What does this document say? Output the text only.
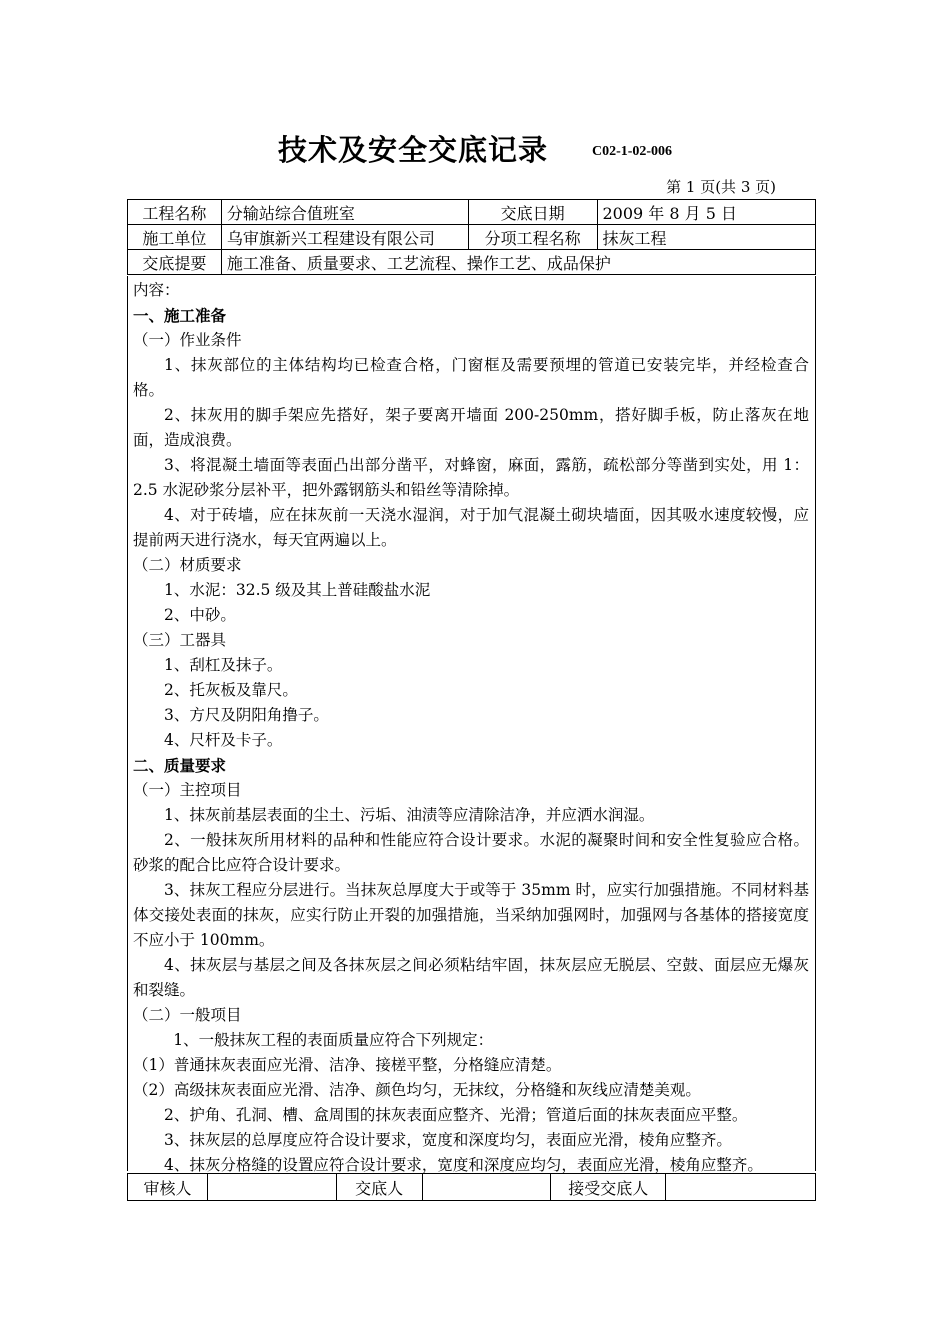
技术及安全交底记录	C02-1-02-006
第 1 页(共 3 页)
工程名称	分输站综合值班室	交底日期	2009 年 8 月 5 日
施工单位	乌审旗新兴工程建设有限公司	分项工程名称	抹灰工程
交底提要	施工准备、质量要求、工艺流程、操作工艺、成品保护		

内容：

一、施工准备

（一）作业条件

1、抹灰部位的主体结构均已检查合格，门窗框及需要预埋的管道已安装完毕，并经检查合格。

2、抹灰用的脚手架应先搭好，架子要离开墙面 200-250mm，搭好脚手板，防止落灰在地面，造成浪费。

3、将混凝土墙面等表面凸出部分凿平，对蜂窗，麻面，露筋，疏松部分等凿到实处，用 1：2.5 水泥砂浆分层补平，把外露钢筋头和铅丝等清除掉。

4、对于砖墙，应在抹灰前一天浇水湿润，对于加气混凝土砌块墙面，因其吸水速度较慢，应提前两天进行浇水，每天宜两遍以上。

（二）材质要求

1、水泥：32.5 级及其上普硅酸盐水泥

2、中砂。

（三）工器具

1、刮杠及抹子。

2、托灰板及靠尺。

3、方尺及阴阳角撸子。

4、尺杆及卡子。

二、质量要求

（一）主控项目

1、抹灰前基层表面的尘土、污垢、油渍等应清除洁净，并应洒水润湿。

2、一般抹灰所用材料的品种和性能应符合设计要求。水泥的凝聚时间和安全性复验应合格。砂浆的配合比应符合设计要求。

3、抹灰工程应分层进行。当抹灰总厚度大于或等于 35mm 时，应实行加强措施。不同材料基体交接处表面的抹灰，应实行防止开裂的加强措施，当采纳加强网时，加强网与各基体的搭接宽度不应小于 100mm。

4、抹灰层与基层之间及各抹灰层之间必须粘结牢固，抹灰层应无脱层、空鼓、面层应无爆灰和裂缝。

（二）一般项目

1、一般抹灰工程的表面质量应符合下列规定：

（1）普通抹灰表面应光滑、洁净、接槎平整，分格缝应清楚。

（2）高级抹灰表面应光滑、洁净、颜色均匀，无抹纹，分格缝和灰线应清楚美观。

2、护角、孔洞、槽、盒周围的抹灰表面应整齐、光滑；管道后面的抹灰表面应平整。

3、抹灰层的总厚度应符合设计要求，宽度和深度均匀，表面应光滑，棱角应整齐。

4、抹灰分格缝的设置应符合设计要求，宽度和深度应均匀，表面应光滑，棱角应整齐。

审核人		交底人		接受交底人	
